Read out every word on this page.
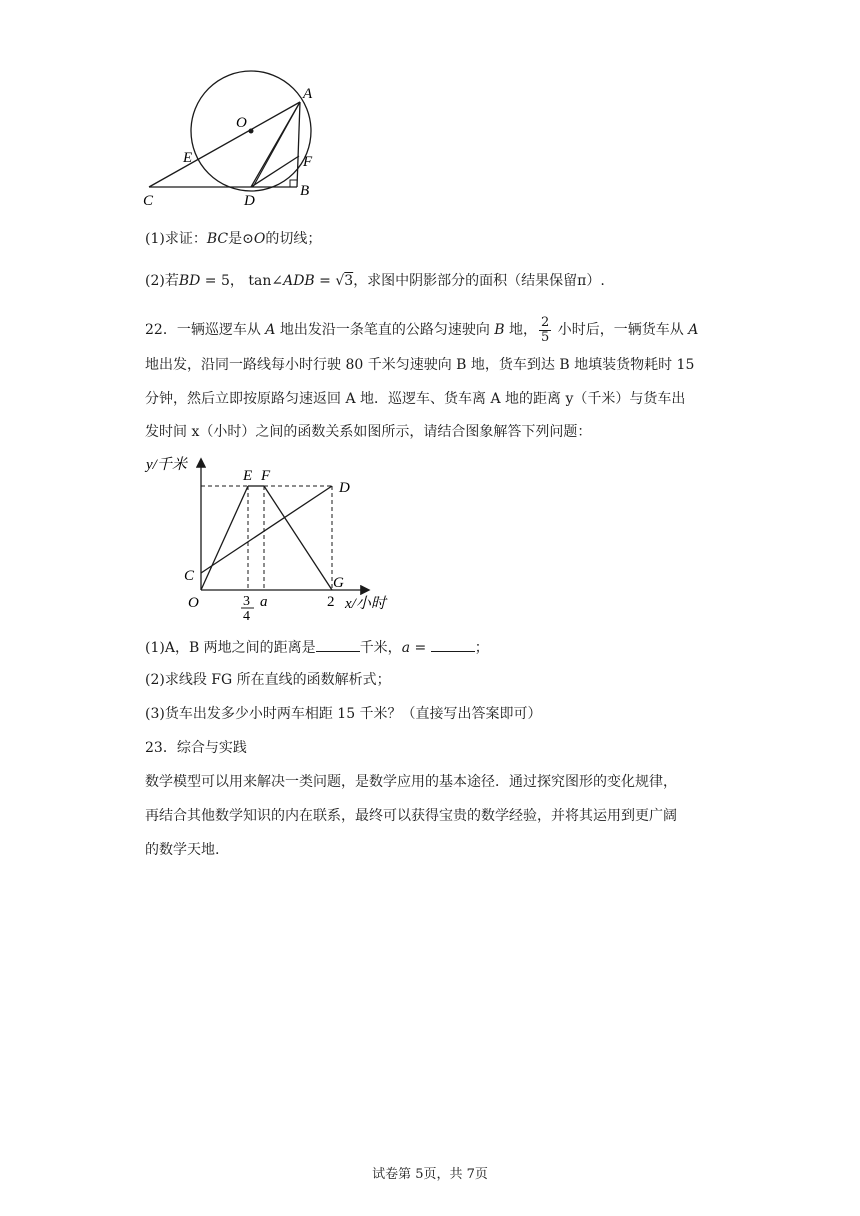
A
O
E	F
C	D
B
(1)求证：BC是⊙O的切线；
(2)若BD = 5， tan∠ADB = √3，求图中阴影部分的面积（结果保留π）.
22．一辆巡逻车从 A 地出发沿一条笔直的公路匀速驶向 B 地， $\frac{2}{5}$ 小时后，一辆货车从 A
地出发，沿同一路线每小时行驶 80 千米匀速驶向 B 地，货车到达 B 地填装货物耗时 15
分钟，然后立即按原路匀速返回 A 地．巡逻车、货车离 A 地的距离 y（千米）与货车出
发时间 x（小时）之间的函数关系如图所示，请结合图象解答下列问题：
y/千米
E F
D
C	G
O	3
4
a	2 x/小时
(1)A，B 两地之间的距离是	千米，a =	；
(2)求线段 FG 所在直线的函数解析式；
(3)货车出发多少小时两车相距 15 千米？（直接写出答案即可）
23．综合与实践
数学模型可以用来解决一类问题，是数学应用的基本途径．通过探究图形的变化规律，
再结合其他数学知识的内在联系，最终可以获得宝贵的数学经验，并将其运用到更广阔
的数学天地.
试卷第 5页，共 7页
